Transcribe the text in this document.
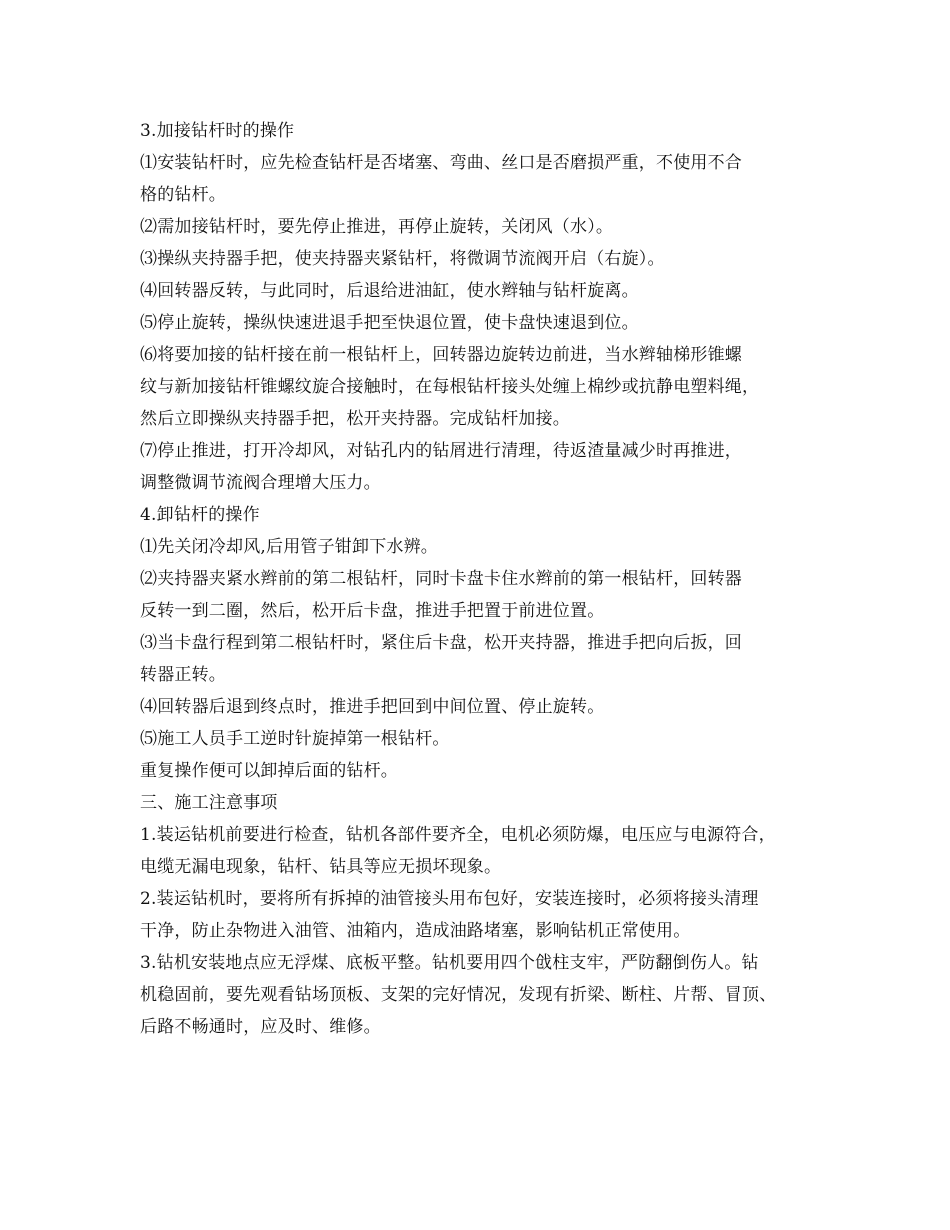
3.加接钻杆时的操作
⑴安装钻杆时，应先检查钻杆是否堵塞、弯曲、丝口是否磨损严重，不使用不合
格的钻杆。
⑵需加接钻杆时，要先停止推进，再停止旋转，关闭风（水）。
⑶操纵夹持器手把，使夹持器夹紧钻杆，将微调节流阀开启（右旋）。
⑷回转器反转，与此同时，后退给进油缸，使水辫轴与钻杆旋离。
⑸停止旋转，操纵快速进退手把至快退位置，使卡盘快速退到位。
⑹将要加接的钻杆接在前一根钻杆上，回转器边旋转边前进，当水辫轴梯形锥螺
纹与新加接钻杆锥螺纹旋合接触时，在每根钻杆接头处缠上棉纱或抗静电塑料绳，
然后立即操纵夹持器手把，松开夹持器。完成钻杆加接。
⑺停止推进，打开冷却风，对钻孔内的钻屑进行清理，待返渣量减少时再推进，
调整微调节流阀合理增大压力。
4.卸钻杆的操作
⑴先关闭冷却风,后用管子钳卸下水辨。
⑵夹持器夹紧水辫前的第二根钻杆，同时卡盘卡住水辫前的第一根钻杆，回转器
反转一到二圈，然后，松开后卡盘，推进手把置于前进位置。
⑶当卡盘行程到第二根钻杆时，紧住后卡盘，松开夹持器，推进手把向后扳，回
转器正转。
⑷回转器后退到终点时，推进手把回到中间位置、停止旋转。
⑸施工人员手工逆时针旋掉第一根钻杆。
重复操作便可以卸掉后面的钻杆。
三、施工注意事项
1.装运钻机前要进行检查，钻机各部件要齐全，电机必须防爆，电压应与电源符合，
电缆无漏电现象，钻杆、钻具等应无损坏现象。
2.装运钻机时，要将所有拆掉的油管接头用布包好，安装连接时，必须将接头清理
干净，防止杂物进入油管、油箱内，造成油路堵塞，影响钻机正常使用。
3.钻机安装地点应无浮煤、底板平整。钻机要用四个戗柱支牢，严防翻倒伤人。钻
机稳固前，要先观看钻场顶板、支架的完好情况，发现有折梁、断柱、片帮、冒顶、
后路不畅通时，应及时、维修。
